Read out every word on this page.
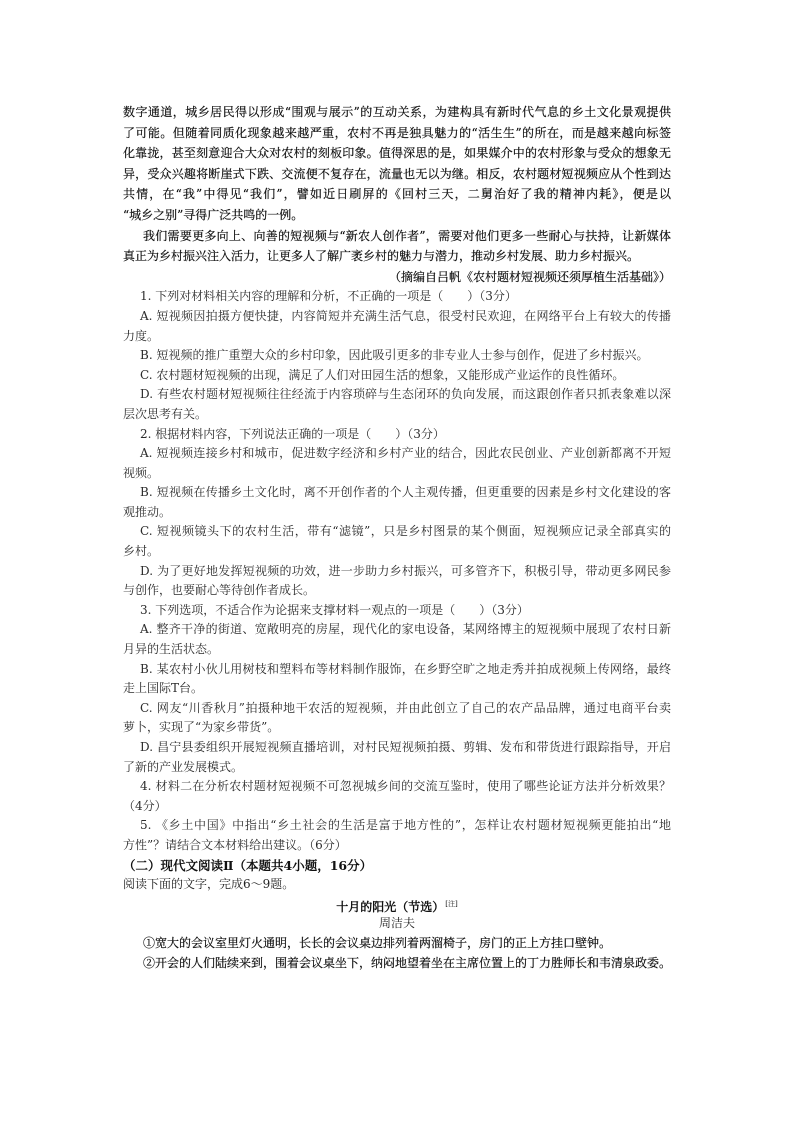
数字通道，城乡居民得以形成“围观与展示”的互动关系，为建构具有新时代气息的乡土文化景观提供
了可能。但随着同质化现象越来越严重，农村不再是独具魅力的“活生生”的所在，而是越来越向标签
化靠拢，甚至刻意迎合大众对农村的刻板印象。值得深思的是，如果媒介中的农村形象与受众的想象无
异，受众兴趣将断崖式下跌、交流便不复存在，流量也无以为继。相反，农村题材短视频应从个性到达
共情，在“我”中得见“我们”，譬如近日刷屏的《回村三天，二舅治好了我的精神内耗》，便是以
“城乡之别”寻得广泛共鸣的一例。
我们需要更多向上、向善的短视频与“新农人创作者”，需要对他们更多一些耐心与扶持，让新媒体
真正为乡村振兴注入活力，让更多人了解广袤乡村的魅力与潜力，推动乡村发展、助力乡村振兴。
（摘编自吕帆《农村题材短视频还须厚植生活基础》）
1. 下列对材料相关内容的理解和分析，不正确的一项是（　　）（3分）
A. 短视频因拍摄方便快捷，内容简短并充满生活气息，很受村民欢迎，在网络平台上有较大的传播
力度。
B. 短视频的推广重塑大众的乡村印象，因此吸引更多的非专业人士参与创作，促进了乡村振兴。
C. 农村题材短视频的出现，满足了人们对田园生活的想象，又能形成产业运作的良性循环。
D. 有些农村题材短视频往往经流于内容琐碎与生态闭环的负向发展，而这跟创作者只抓表象难以深
层次思考有关。
2. 根据材料内容，下列说法正确的一项是（　　）（3分）
A. 短视频连接乡村和城市，促进数字经济和乡村产业的结合，因此农民创业、产业创新都离不开短
视频。
B. 短视频在传播乡土文化时，离不开创作者的个人主观传播，但更重要的因素是乡村文化建设的客
观推动。
C. 短视频镜头下的农村生活，带有“滤镜”，只是乡村图景的某个侧面，短视频应记录全部真实的
乡村。
D. 为了更好地发挥短视频的功效，进一步助力乡村振兴，可多管齐下，积极引导，带动更多网民参
与创作，也要耐心等待创作者成长。
3. 下列选项，不适合作为论据来支撑材料一观点的一项是（　　）（3分）
A. 整齐干净的街道、宽敞明亮的房屋，现代化的家电设备，某网络博主的短视频中展现了农村日新
月异的生活状态。
B. 某农村小伙儿用树枝和塑料布等材料制作服饰，在乡野空旷之地走秀并拍成视频上传网络，最终
走上国际T台。
C. 网友“川香秋月”拍摄种地干农活的短视频，并由此创立了自己的农产品品牌，通过电商平台卖
萝卜，实现了“为家乡带货”。
D. 昌宁县委组织开展短视频直播培训，对村民短视频拍摄、剪辑、发布和带货进行跟踪指导，开启
了新的产业发展模式。
4. 材料二在分析农村题材短视频不可忽视城乡间的交流互鉴时，使用了哪些论证方法并分析效果？
（4分）
5. 《乡土中国》中指出“乡土社会的生活是富于地方性的”，怎样让农村题材短视频更能拍出“地
方性”？请结合文本材料给出建议。（6分）
（二）现代文阅读Ⅱ（本题共4小题，16分）
阅读下面的文字，完成6～9题。
十月的阳光（节选）[注]
周洁夫
①宽大的会议室里灯火通明，长长的会议桌边排列着两溜椅子，房门的正上方挂口壁钟。
②开会的人们陆续来到，围着会议桌坐下，纳闷地望着坐在主席位置上的丁力胜师长和韦清泉政委。
